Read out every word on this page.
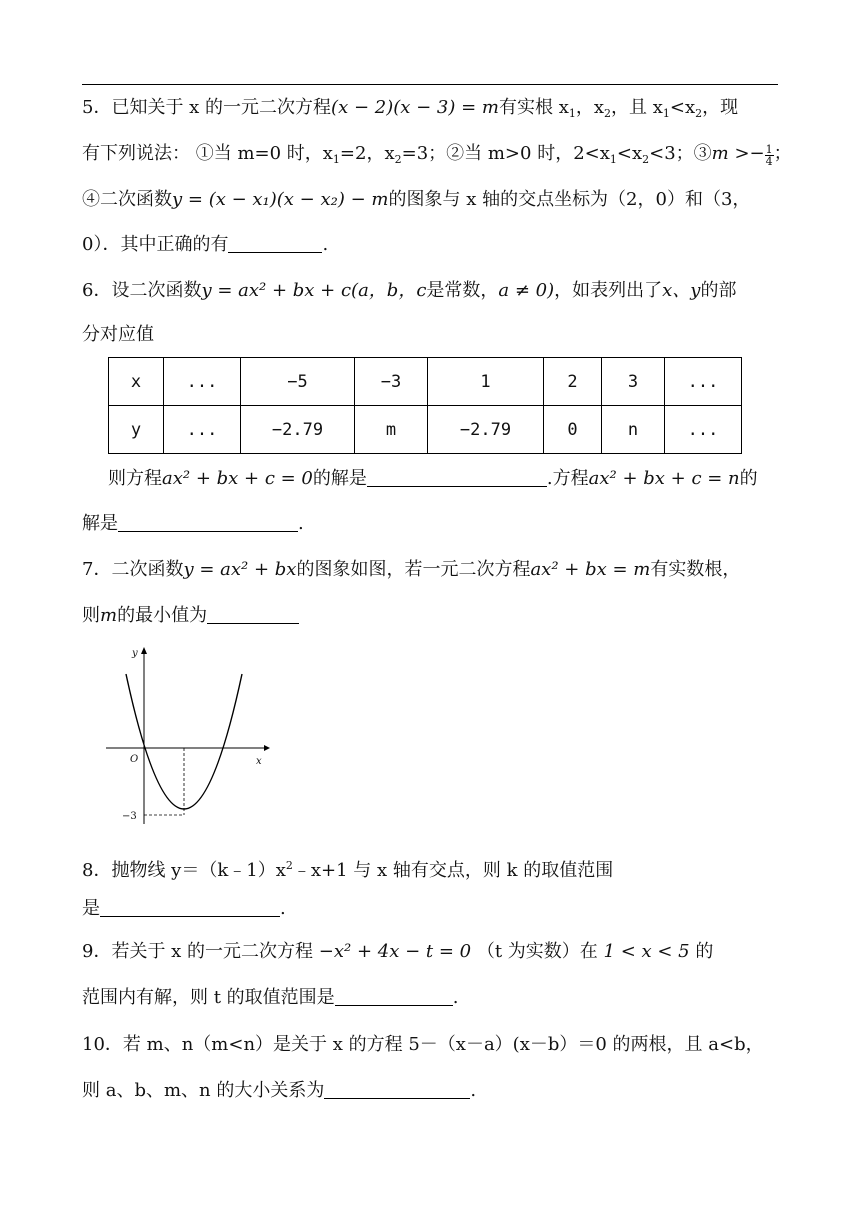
5．已知关于 x 的一元二次方程(x − 2)(x − 3) = m有实根 $x_1$，$x_2$，且 $x_1<x_2$，现
有下列说法： ①当 m=0 时，$x_1=2$，$x_2=3$；②当 m>0 时，$2<x_1<x_2<3$；③m >− $\frac{1}{4}$ ；
④二次函数y = (x − x₁)(x − x₂) − m的图象与 x 轴的交点坐标为（2，0）和（3，
0）．其中正确的有	.
6．设二次函数y = ax² + bx + c(a，b，c是常数，a ≠ 0)，如表列出了x、y的部
分对应值
x	...	−5	−3	1	2	3	...
y	...	−2.79	m	−2.79	0	n	...
则方程ax² + bx + c = 0的解是	.方程ax² + bx + c = n的
解是	.
7．二次函数y = ax² + bx的图象如图，若一元二次方程ax² + bx = m有实数根，
则m的最小值为
y
x
O
−3
8．抛物线 $y=(k﹣1)x^2﹣x+1$ 与 x 轴有交点，则 k 的取值范围
是	.
9．若关于 x 的一元二次方程 −x² + 4x − t = 0 （t 为实数）在 1 < x < 5 的
范围内有解，则 t 的取值范围是	.
10．若 m、n（m<n）是关于 x 的方程 5－（x－a）(x－b）＝0 的两根，且 a<b，
则 a、b、m、n 的大小关系为	.
